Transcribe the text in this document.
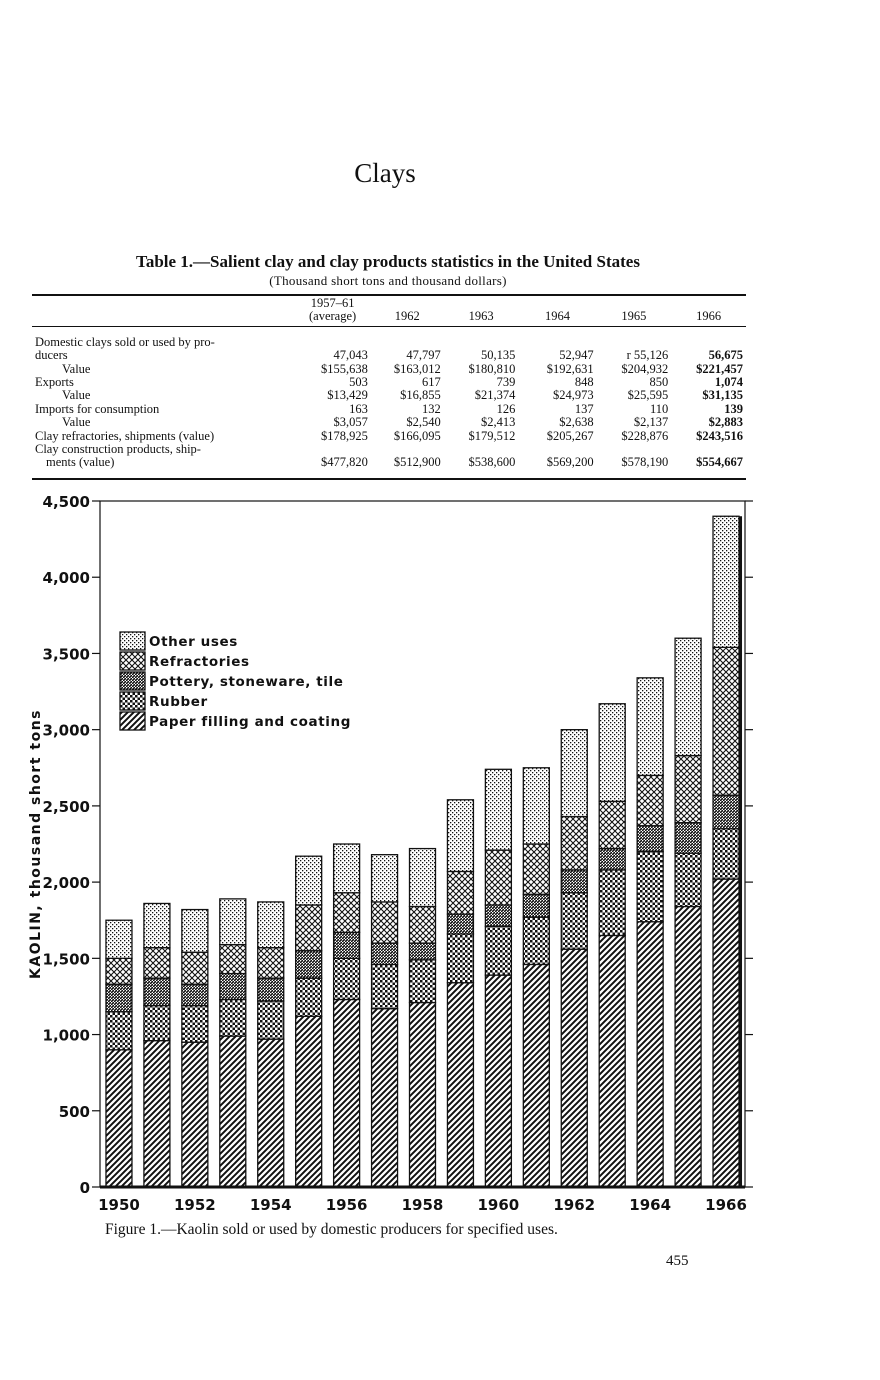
Clays
Table 1.—Salient clay and clay products statistics in the United States
(Thousand short tons and thousand dollars)
	1957–61
(average)	1962	1963	1964	1965	1966
Domestic clays sold or used by pro-						
ducers	47,043	47,797	50,135	52,947	r 55,126	56,675
Value	$155,638	$163,012	$180,810	$192,631	$204,932	$221,457
Exports	503	617	739	848	850	1,074
Value	$13,429	$16,855	$21,374	$24,973	$25,595	$31,135
Imports for consumption	163	132	126	137	110	139
Value	$3,057	$2,540	$2,413	$2,638	$2,137	$2,883
Clay refractories, shipments (value)	$178,925	$166,095	$179,512	$205,267	$228,876	$243,516
Clay construction products, ship-						
ments (value)	$477,820	$512,900	$538,600	$569,200	$578,190	$554,667
0
500
1,000
1,500
2,000
2,500
3,000
3,500
4,000
4,500
KAOLIN, thousand short tons
1950 1952 1954 1956 1958 1960 1962 1964 1966
Other uses
Refractories
Pottery, stoneware, tile
Rubber
Paper filling and coating
Figure 1.—Kaolin sold or used by domestic producers for specified uses.
455
